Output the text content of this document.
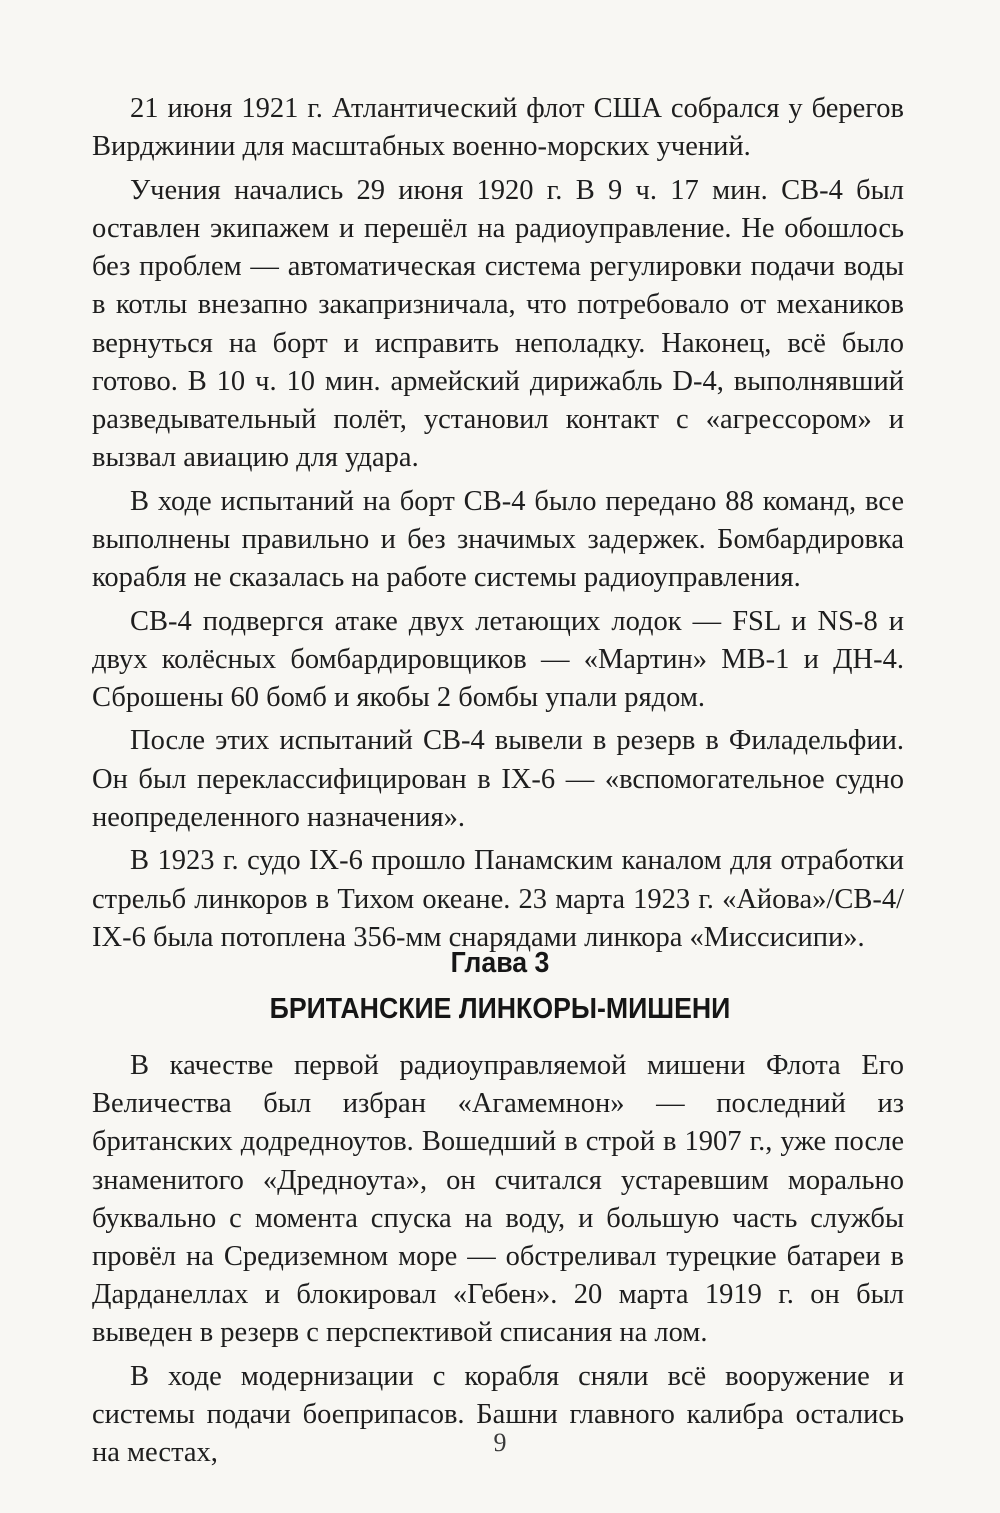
21 июня 1921 г. Атлантический флот США собрался у берегов Вирджинии для масштабных военно-морских учений.

Учения начались 29 июня 1920 г. В 9 ч. 17 мин. CB-4 был оставлен экипажем и перешёл на радиоуправление. Не обошлось без проблем — автоматическая система регулировки подачи воды в котлы внезапно закапризничала, что потребовало от механиков вернуться на борт и исправить неполадку. Наконец, всё было готово. В 10 ч. 10 мин. армейский дирижабль D-4, выполнявший разведывательный полёт, установил контакт с «агрессором» и вызвал авиацию для удара.

В ходе испытаний на борт CB-4 было передано 88 команд, все выполнены правильно и без значимых задержек. Бомбардировка корабля не сказалась на работе системы радиоуправления.

CB-4 подвергся атаке двух летающих лодок — FSL и NS-8 и двух колёсных бомбардировщиков — «Мартин» MB-1 и ДН-4. Сброшены 60 бомб и якобы 2 бомбы упали рядом.

После этих испытаний CB-4 вывели в резерв в Филадельфии. Он был переклассифицирован в IX-6 — «вспомогательное судно неопределенного назначения».

В 1923 г. судо IX-6 прошло Панамским каналом для отработки стрельб линкоров в Тихом океане. 23 марта 1923 г. «Айова»/CB-4/ IX-6 была потоплена 356-мм снарядами линкора «Миссисипи».

Глава 3
БРИТАНСКИЕ ЛИНКОРЫ-МИШЕНИ

В качестве первой радиоуправляемой мишени Флота Его Величества был избран «Агамемнон» — последний из британских додредноутов. Вошедший в строй в 1907 г., уже после знаменитого «Дредноута», он считался устаревшим морально буквально с момента спуска на воду, и большую часть службы провёл на Средиземном море — обстреливал турецкие батареи в Дарданеллах и блокировал «Гебен». 20 марта 1919 г. он был выведен в резерв с перспективой списания на лом.

В ходе модернизации с корабля сняли всё вооружение и системы подачи боеприпасов. Башни главного калибра остались на местах,	9
